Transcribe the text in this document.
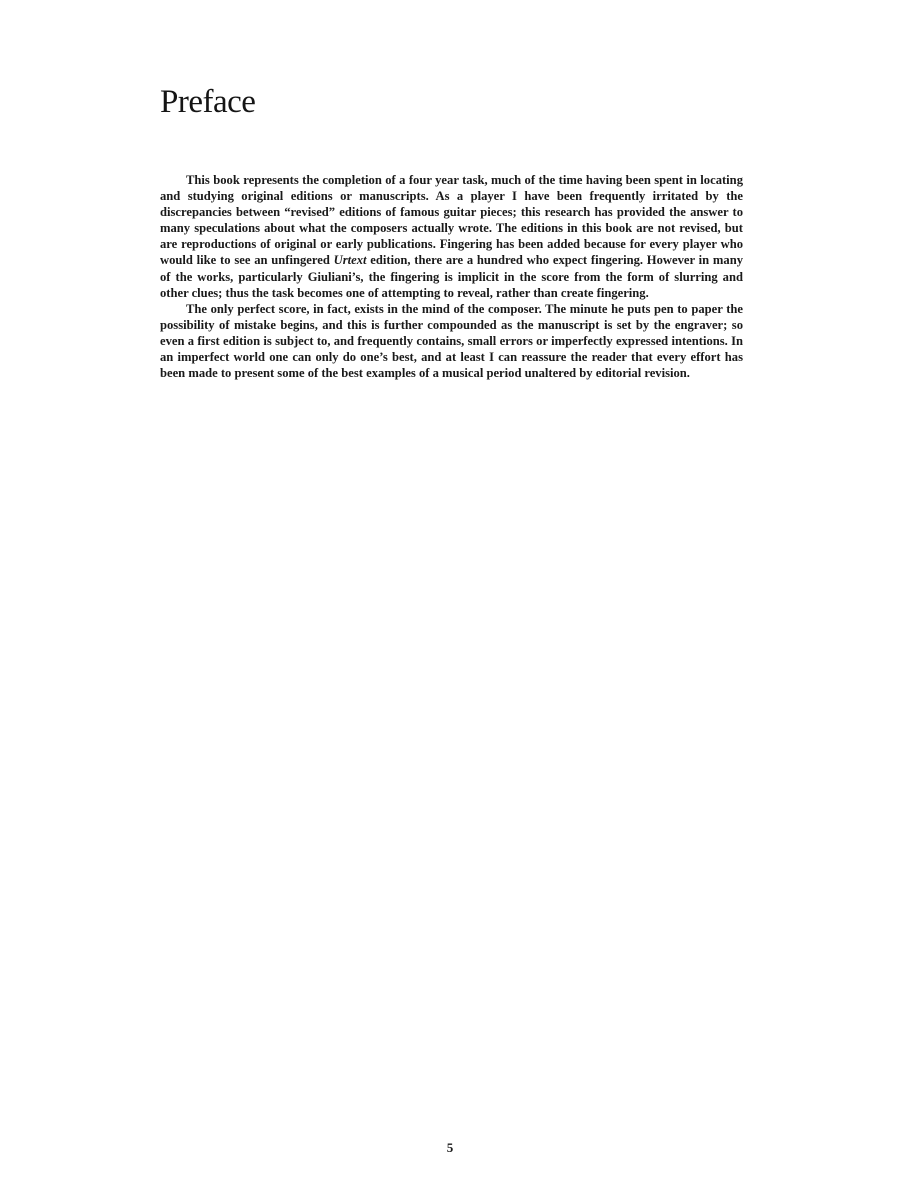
Preface

This book represents the completion of a four year task, much of the time having been spent in locating and studying original editions or manuscripts. As a player I have been frequently irritated by the discrepancies between “revised” editions of famous guitar pieces; this research has provided the answer to many speculations about what the composers actually wrote. The editions in this book are not revised, but are reproductions of original or early publications. Fingering has been added because for every player who would like to see an unfingered Urtext edition, there are a hundred who expect fingering. However in many of the works, particularly Giuliani’s, the fingering is implicit in the score from the form of slurring and other clues; thus the task becomes one of attempting to reveal, rather than create fingering.

The only perfect score, in fact, exists in the mind of the composer. The minute he puts pen to paper the possibility of mistake begins, and this is further compounded as the manuscript is set by the engraver; so even a first edition is subject to, and frequently contains, small errors or imperfectly expressed intentions. In an imperfect world one can only do one’s best, and at least I can reassure the reader that every effort has been made to present some of the best examples of a musical period unaltered by editorial revision.

5
